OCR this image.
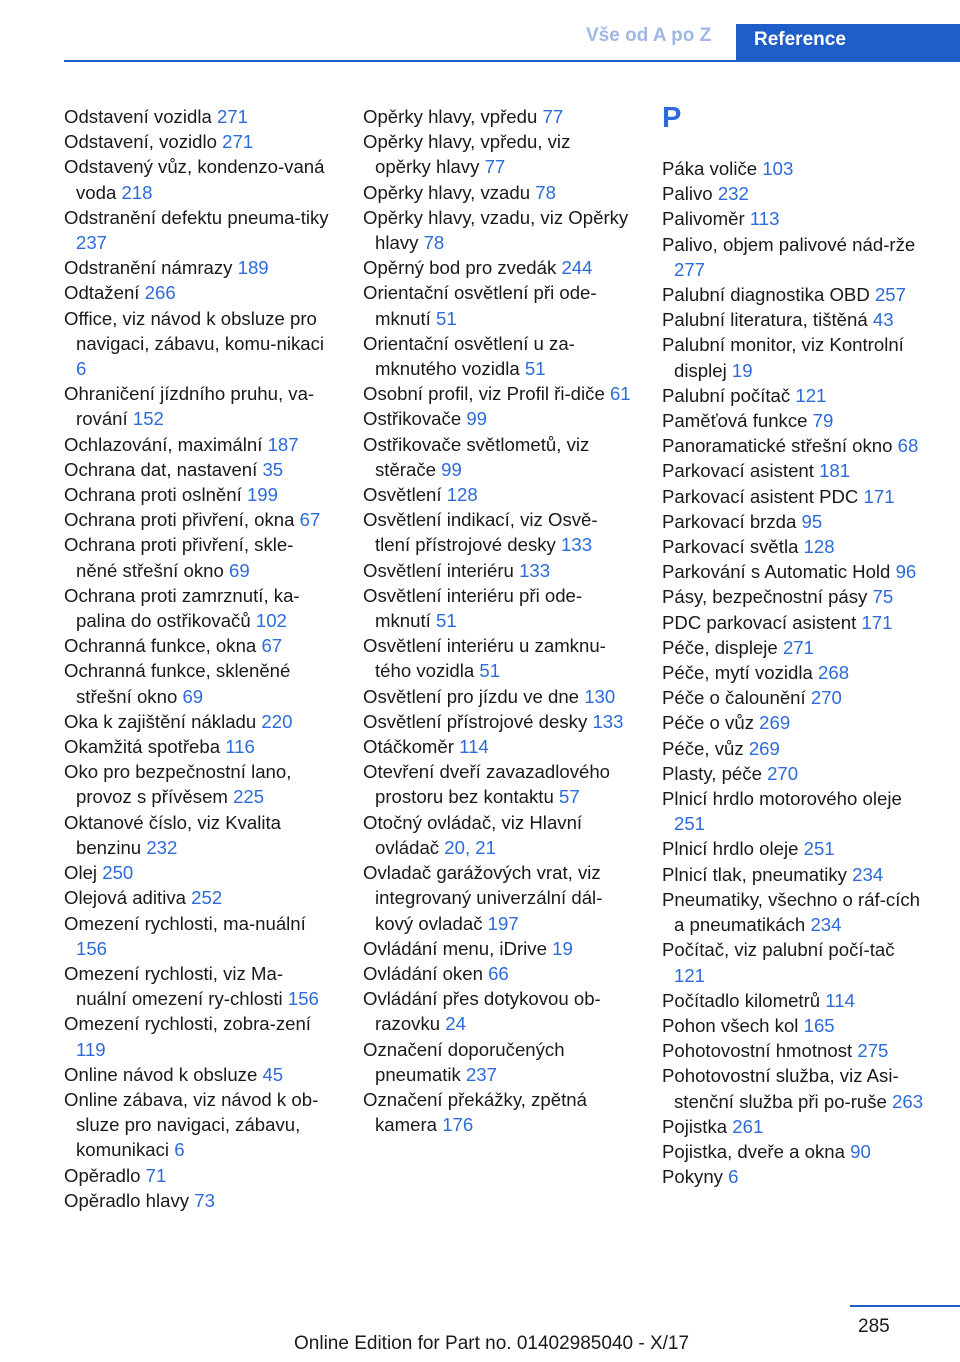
Vše od A po Z	Reference
Odstavení vozidla 271
Odstavení, vozidlo 271
Odstavený vůz, kondenzo-vaná voda 218
Odstranění defektu pneuma-tiky 237
Odstranění námrazy 189
Odtažení 266
Office, viz návod k obsluze pro navigaci, zábavu, komu-nikaci 6
Ohraničení jízdního pruhu, va-rování 152
Ochlazování, maximální 187
Ochrana dat, nastavení 35
Ochrana proti oslnění 199
Ochrana proti přivření, okna 67
Ochrana proti přivření, skle-něné střešní okno 69
Ochrana proti zamrznutí, ka-palina do ostřikovačů 102
Ochranná funkce, okna 67
Ochranná funkce, skleněné střešní okno 69
Oka k zajištění nákladu 220
Okamžitá spotřeba 116
Oko pro bezpečnostní lano, provoz s přívěsem 225
Oktanové číslo, viz Kvalita benzinu 232
Olej 250
Olejová aditiva 252
Omezení rychlosti, ma-nuální 156
Omezení rychlosti, viz Ma-nuální omezení ry-chlosti 156
Omezení rychlosti, zobra-zení 119
Online návod k obsluze 45
Online zábava, viz návod k ob-sluze pro navigaci, zábavu, komunikaci 6
Opěradlo 71
Opěradlo hlavy 73
Opěrky hlavy, vpředu 77
Opěrky hlavy, vpředu, viz opěrky hlavy 77
Opěrky hlavy, vzadu 78
Opěrky hlavy, vzadu, viz Opěrky hlavy 78
Opěrný bod pro zvedák 244
Orientační osvětlení při ode-mknutí 51
Orientační osvětlení u za-mknutého vozidla 51
Osobní profil, viz Profil ři-diče 61
Ostřikovače 99
Ostřikovače světlometů, viz stěrače 99
Osvětlení 128
Osvětlení indikací, viz Osvě-tlení přístrojové desky 133
Osvětlení interiéru 133
Osvětlení interiéru při ode-mknutí 51
Osvětlení interiéru u zamknu-tého vozidla 51
Osvětlení pro jízdu ve dne 130
Osvětlení přístrojové desky 133
Otáčkoměr 114
Otevření dveří zavazadlového prostoru bez kontaktu 57
Otočný ovládač, viz Hlavní ovládač 20, 21
Ovladač garážových vrat, viz integrovaný univerzální dál-kový ovladač 197
Ovládání menu, iDrive 19
Ovládání oken 66
Ovládání přes dotykovou ob-razovku 24
Označení doporučených pneumatik 237
Označení překážky, zpětná kamera 176
P
Páka voliče 103
Palivo 232
Palivoměr 113
Palivo, objem palivové nád-rže 277
Palubní diagnostika OBD 257
Palubní literatura, tištěná 43
Palubní monitor, viz Kontrolní displej 19
Palubní počítač 121
Paměťová funkce 79
Panoramatické střešní okno 68
Parkovací asistent 181
Parkovací asistent PDC 171
Parkovací brzda 95
Parkovací světla 128
Parkování s Automatic Hold 96
Pásy, bezpečnostní pásy 75
PDC parkovací asistent 171
Péče, displeje 271
Péče, mytí vozidla 268
Péče o čalounění 270
Péče o vůz 269
Péče, vůz 269
Plasty, péče 270
Plnicí hrdlo motorového oleje 251
Plnicí hrdlo oleje 251
Plnicí tlak, pneumatiky 234
Pneumatiky, všechno o ráf-cích a pneumatikách 234
Počítač, viz palubní počí-tač 121
Počítadlo kilometrů 114
Pohon všech kol 165
Pohotovostní hmotnost 275
Pohotovostní služba, viz Asi-stenční služba při po-ruše 263
Pojistka 261
Pojistka, dveře a okna 90
Pokyny 6
285
Online Edition for Part no. 01402985040 - X/17
